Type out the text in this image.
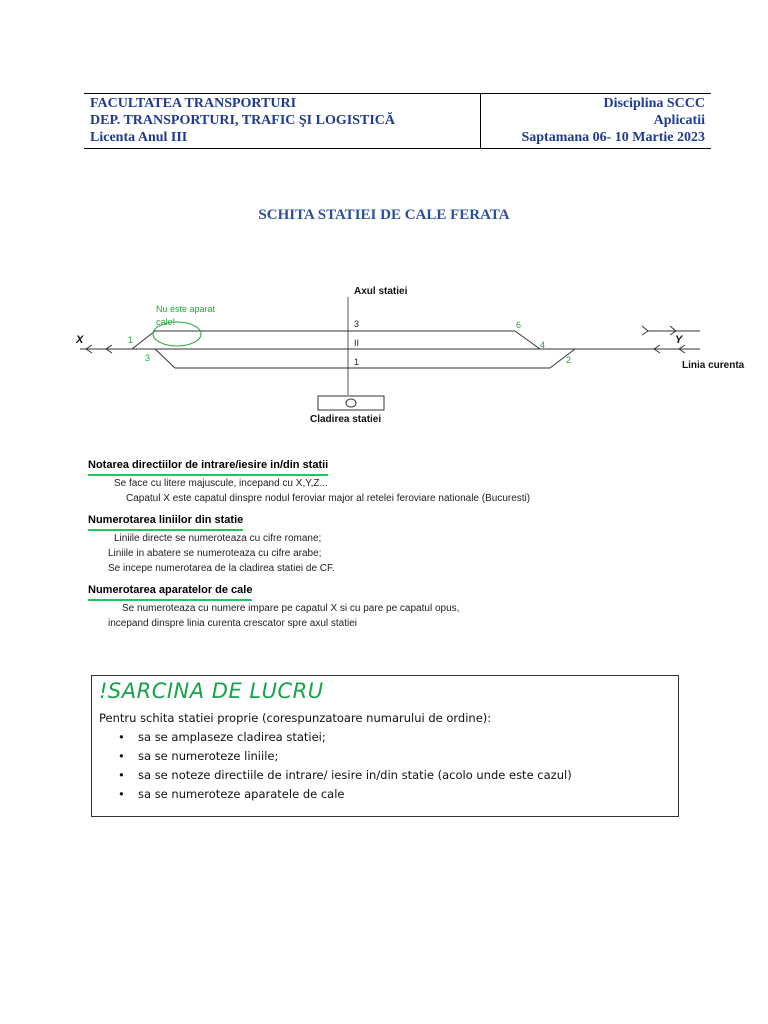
FACULTATEA TRANSPORTURI
DEP. TRANSPORTURI, TRAFIC ŞI LOGISTICĂ
Licenta Anul III
Disciplina SCCC
Aplicatii
Saptamana 06- 10 Martie 2023
SCHITA STATIEI DE CALE FERATA
Axul statiei
X	Y
Linia curenta
3
II
1
1
3
6
4
2
Nu este aparat
cale!
Cladirea statiei
Notarea directiilor de intrare/iesire in/din statii
Se face cu litere majuscule, incepand cu X,Y,Z...
Capatul X este capatul dinspre nodul feroviar major al retelei feroviare nationale (Bucuresti)
Numerotarea liniilor din statie
Liniile directe se numeroteaza cu cifre romane;
Liniile in abatere se numeroteaza cu cifre arabe;
Se incepe numerotarea de la cladirea statiei de CF.
Numerotarea aparatelor de cale
Se numeroteaza cu numere impare pe capatul X si cu pare pe capatul opus,
incepand dinspre linia curenta crescator spre axul statiei
!SARCINA DE LUCRU
Pentru schita statiei proprie (corespunzatoare numarului de ordine):
• sa se amplaseze cladirea statiei;
• sa se numeroteze liniile;
• sa se noteze directiile de intrare/ iesire in/din statie (acolo unde este cazul)
• sa se numeroteze aparatele de cale
